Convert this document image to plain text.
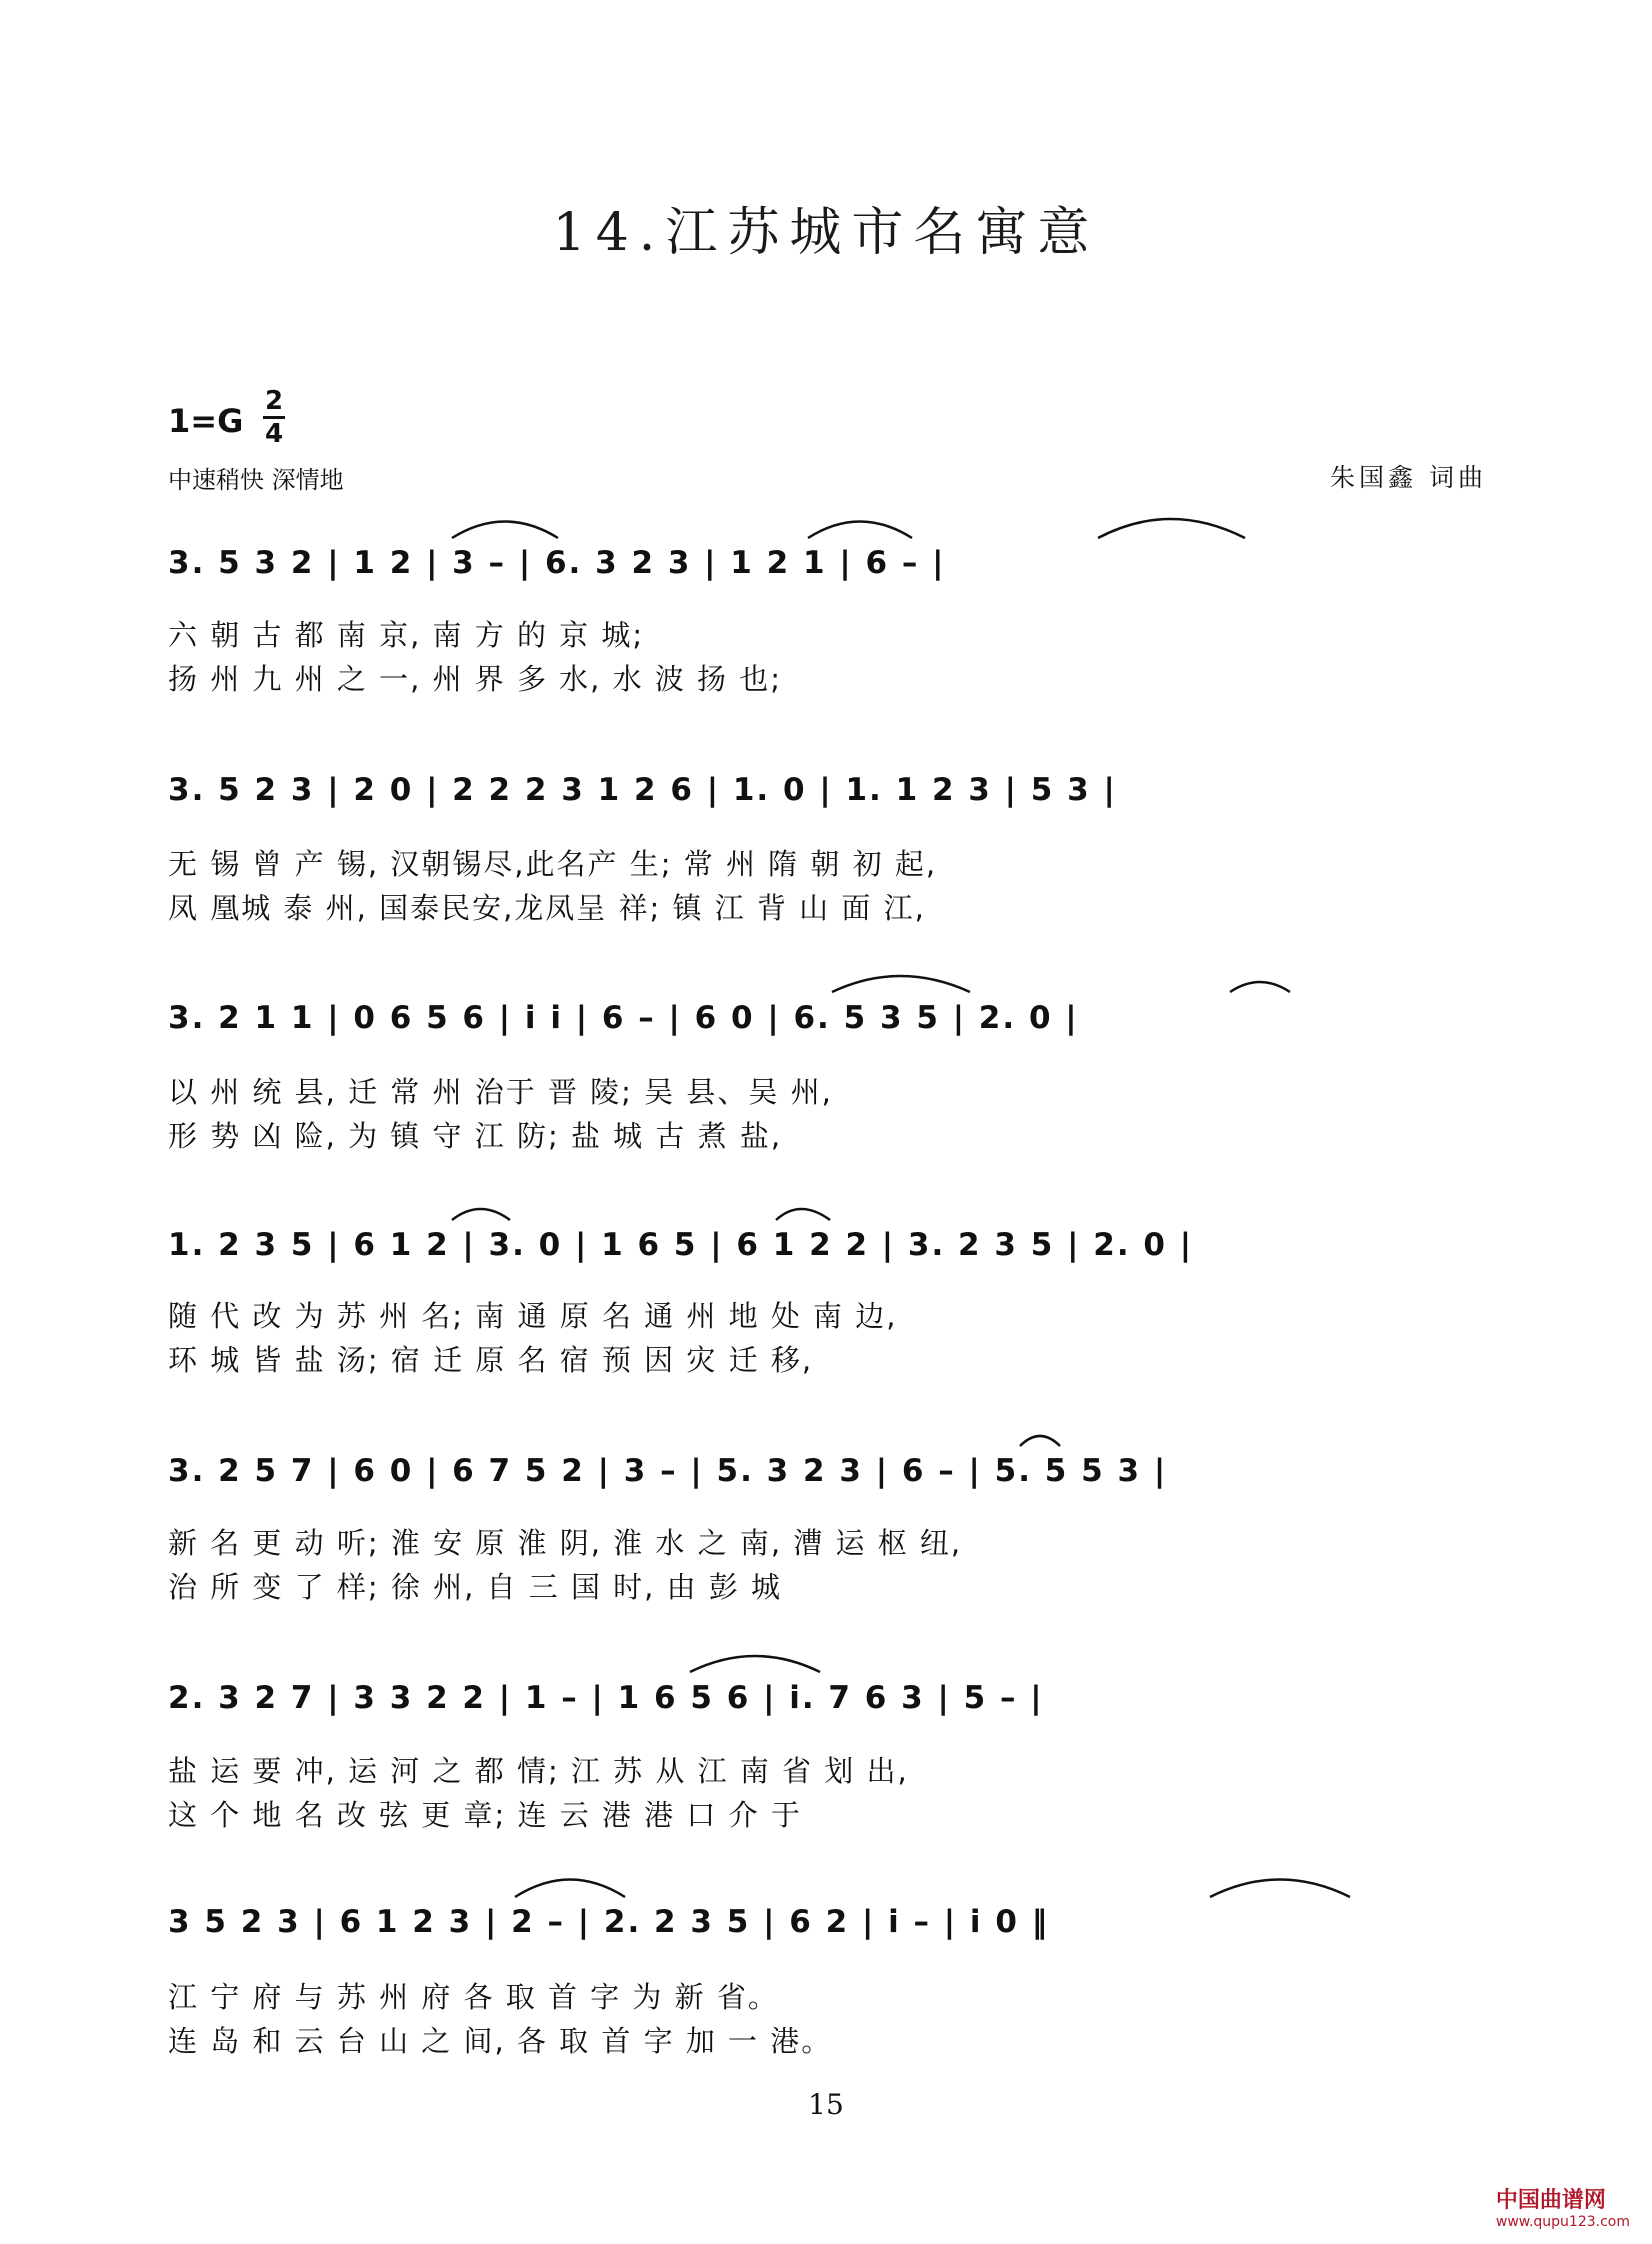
14.江苏城市名寓意
1=G
2
4
中速稍快 深情地	朱国鑫 词曲
3. 5 3 2 | 1 2 | 3 – | 6. 3 2 3 | 1 2 1 | 6 – |
六 朝 古 都 南 京, 南 方 的 京 城;
扬 州 九 州 之 一, 州 界 多 水, 水 波 扬 也;
3. 5 2 3 | 2 0 | 2 2 2 3 1 2 6 | 1. 0 | 1. 1 2 3 | 5 3 |
无 锡 曾 产 锡, 汉朝锡尽,此名产 生; 常 州 隋 朝 初 起,
凤 凰城 泰 州, 国泰民安,龙凤呈 祥; 镇 江 背 山 面 江,
3. 2 1 1 | 0 6 5 6 | i i | 6 – | 6 0 | 6. 5 3 5 | 2. 0 |
以 州 统 县, 迁 常 州 治于 晋 陵; 吴 县、吴 州,
形 势 凶 险, 为 镇 守 江 防; 盐 城 古 煮 盐,
1. 2 3 5 | 6 1 2 | 3. 0 | 1 6 5 | 6 1 2 2 | 3. 2 3 5 | 2. 0 |
随 代 改 为 苏 州 名; 南 通 原 名 通 州 地 处 南 边,
环 城 皆 盐 汤; 宿 迁 原 名 宿 预 因 灾 迁 移,
3. 2 5 7 | 6 0 | 6 7 5 2 | 3 – | 5. 3 2 3 | 6 – | 5. 5 5 3 |
新 名 更 动 听; 淮 安 原 淮 阴, 淮 水 之 南, 漕 运 枢 纽,
治 所 变 了 样; 徐 州, 自 三 国 时, 由 彭 城
2. 3 2 7 | 3 3 2 2 | 1 – | 1 6 5 6 | i. 7 6 3 | 5 – |
盐 运 要 冲, 运 河 之 都 情; 江 苏 从 江 南 省 划 出,
这 个 地 名 改 弦 更 章; 连 云 港 港 口 介 于
3 5 2 3 | 6 1 2 3 | 2 – | 2. 2 3 5 | 6 2 | i – | i 0 ‖
江 宁 府 与 苏 州 府 各 取 首 字 为 新 省。
连 岛 和 云 台 山 之 间, 各 取 首 字 加 一 港。
15
中国曲谱网
www.qupu123.com
